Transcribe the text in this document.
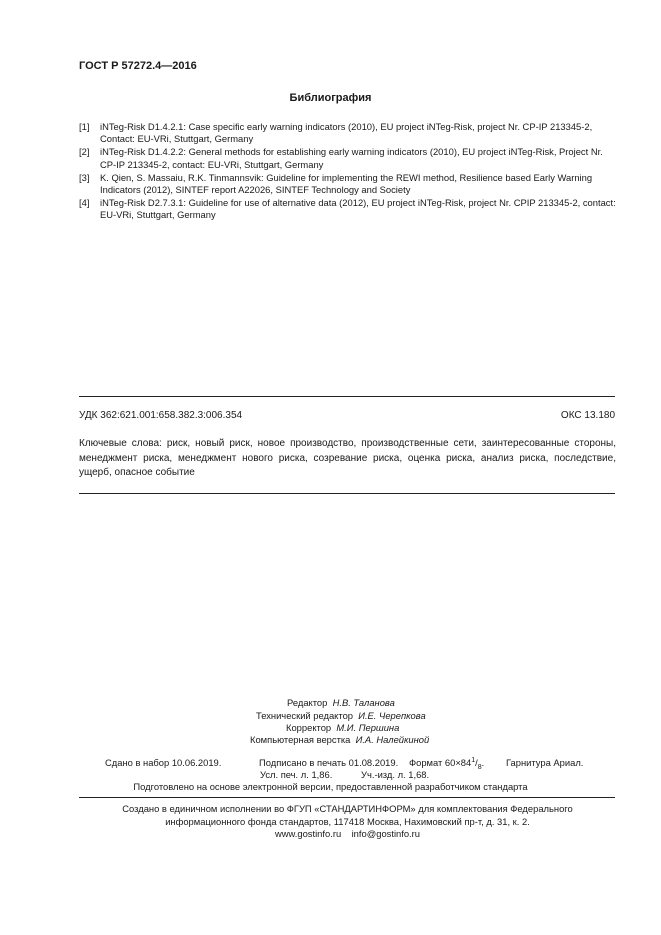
ГОСТ Р 57272.4—2016
Библиография
[1]	iNTeg-Risk D1.4.2.1: Case specific early warning indicators (2010), EU project iNTeg-Risk, project Nr. CP-IP 213345-2, Contact: EU-VRi, Stuttgart, Germany
[2]	iNTeg-Risk D1.4.2.2: General methods for establishing early warning indicators (2010), EU project iNTeg-Risk, Project Nr. CP-IP 213345-2, contact: EU-VRi, Stuttgart, Germany
[3]	K. Qien, S. Massaiu, R.K. Tinmannsvik: Guideline for implementing the REWI method, Resilience based Early Warning Indicators (2012), SINTEF report A22026, SINTEF Technology and Society
[4]	iNTeg-Risk D2.7.3.1: Guideline for use of alternative data (2012), EU project iNTeg-Risk, project Nr. CPIP 213345-2, contact: EU-VRi, Stuttgart, Germany
УДК 362:621.001:658.382.3:006.354	ОКС 13.180
Ключевые слова: риск, новый риск, новое производство, производственные сети, заинтересованные стороны, менеджмент риска, менеджмент нового риска, созревание риска, оценка риска, анализ риска, последствие, ущерб, опасное событие
Редактор Н.В. Таланова
Технический редактор И.Е. Черепкова
Корректор М.И. Першина
Компьютерная верстка И.А. Налейкиной
Сдано в набор 10.06.2019.	Подписано в печать 01.08.2019. Формат $60\times 84^1/_8$. Гарнитура Ариал.
Усл. печ. л. 1,86.	Уч.-изд. л. 1,68.
Подготовлено на основе электронной версии, предоставленной разработчиком стандарта
Создано в единичном исполнении во ФГУП «СТАНДАРТИНФОРМ» для комплектования Федерального
информационного фонда стандартов, 117418 Москва, Нахимовский пр-т, д. 31, к. 2.
www.gostinfo.ru info@gostinfo.ru
